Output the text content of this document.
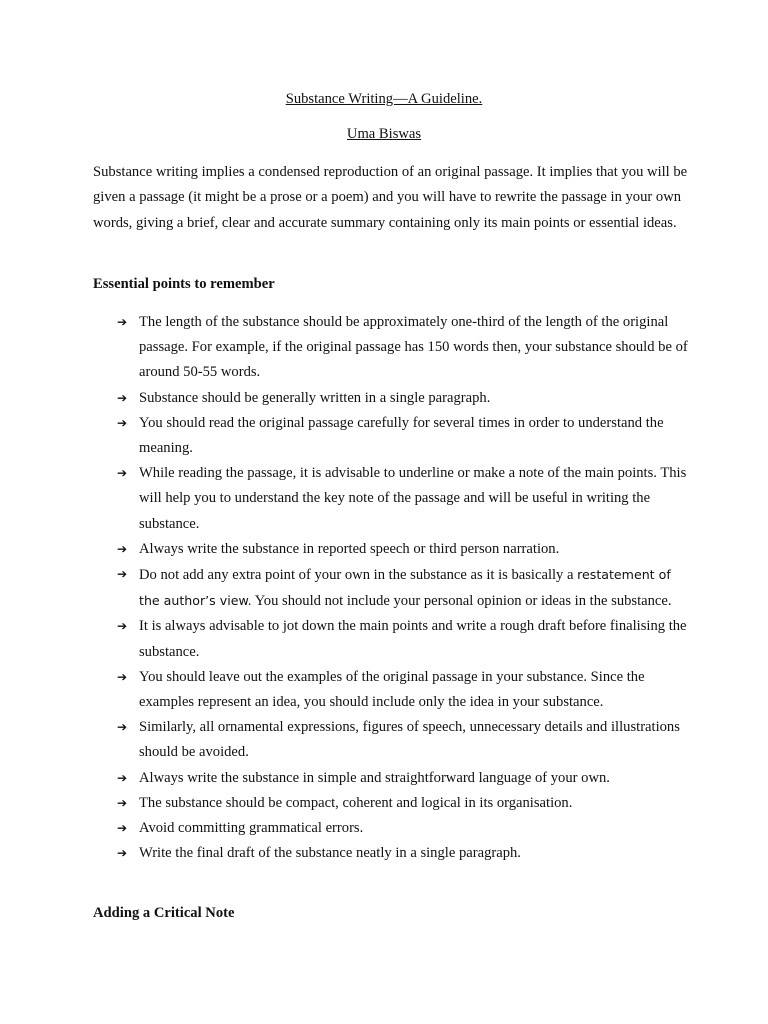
Substance Writing—A Guideline.
Uma Biswas

Substance writing implies a condensed reproduction of an original passage. It implies that you will be given a passage (it might be a prose or a poem) and you will have to rewrite the passage in your own words, giving a brief, clear and accurate summary containing only its main points or essential ideas.

Essential points to remember

➔ The length of the substance should be approximately one-third of the length of the original passage. For example, if the original passage has 150 words then, your substance should be of around 50-55 words.
➔ Substance should be generally written in a single paragraph.
➔ You should read the original passage carefully for several times in order to understand the meaning.
➔ While reading the passage, it is advisable to underline or make a note of the main points. This will help you to understand the key note of the passage and will be useful in writing the substance.
➔ Always write the substance in reported speech or third person narration.
➔ Do not add any extra point of your own in the substance as it is basically a restatement of the author’s view. You should not include your personal opinion or ideas in the substance.
➔ It is always advisable to jot down the main points and write a rough draft before finalising the substance.
➔ You should leave out the examples of the original passage in your substance. Since the examples represent an idea, you should include only the idea in your substance.
➔ Similarly, all ornamental expressions, figures of speech, unnecessary details and illustrations should be avoided.
➔ Always write the substance in simple and straightforward language of your own.
➔ The substance should be compact, coherent and logical in its organisation.
➔ Avoid committing grammatical errors.
➔ Write the final draft of the substance neatly in a single paragraph.

Adding a Critical Note
